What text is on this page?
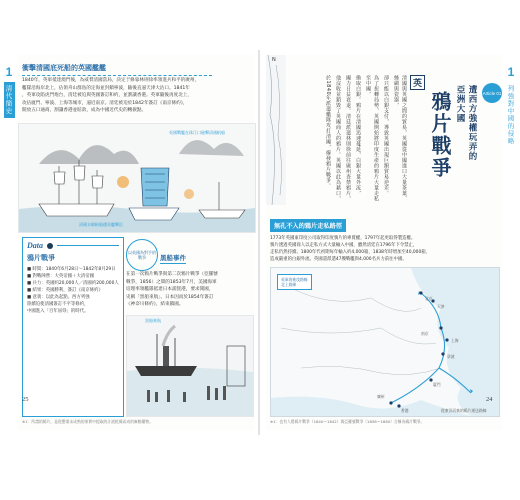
1
清代簡史
衝擊清國底死船的英國艦艦
1840年，英軍抵達澳門後，為威脅清國當局，決定于修靠林則徐率領進兵和平的廣州，
艦隊沿海岸北上，佔領舟山群島的定海並封鎖寧波，隨後直逼天津大沽口。1841年
，英軍攻陷虎門炮台，清廷被迫與英國簽訂和約，並割讓香港。英軍隨後再度北上，
攻佔廈門、寧波、上海等城市，逼近南京。清廷被迫於1842年簽訂《南京條約》，
開放五口通商、割讓香港並賠款，成為中國近代史的轉捩點。
英國戰艦在珠江口砲擊清國帆船
清國水師帆船遭英艦擊沉
Data
鴉片戰爭
■ 時間：1840年6月28日～1842年8月29日
■ 對戰陣營：大英帝國＋大清帝國
■ 兵力：英國約20,000人／清國約200,000人
■ 結果：英國勝利，簽訂《南京條約》
■ 意義：以此為起點，西方列強
陸續迫使清國簽訂不平等條約，
中國進入「百年屈辱」的時代。
以英國為對手的戰爭	黑船事件
在第一次鴉片戰爭與第二次鴉片戰爭（亞羅號
戰爭，1856）之間的1853年7月，美國海軍
培理率領艦隊抵達日本浦賀港，要求開國，
史稱「黑船來航」。日本因而於1854年簽訂
《神奈川條約》，結束鎖國。
黑船來航
※1：所謂的鴉片，是從罌粟未成熟的果實中提取的汁液乾燥而成的麻醉藥物。
25
1
列強對中國的侵略
Article 01
遭西方強權玩弄的
亞洲大國
鴉片戰爭
英
清國與英國之間的貿易，英國從中國進口大量茶葉、絲綢與瓷器，
卻只能以白銀支付，導致英國出現巨額貿易逆差。
為了扭轉局勢，英國開始將印度生產的鴉片大量走私至中國，
換取白銀。鴉片在清國迅速蔓延，白銀大量外流，
國力日益衰退。清廷派遣林則徐前往廣州查禁鴉片，
他沒收並銷毀了英國商人的鴉片。英國以此為藉口，
於1840年派遣艦隊攻打清國，爆發鴉片戰爭。
N
無孔不入的鴉片走私路徑
1773年英國東印度公司取得印度鴉片的專賣權，1797年起更取得製造權。
鴉片透過英國商人以走私方式大量輸入中國，雖然清廷在1796年下令禁止，
走私仍然持續。1800年代初期每年輸入約4,000箱，1838年時增加至40,000箱，
造成嚴重的白銀外流。英國還派遣47艘戰艦與4,000名兵力前往中國。
英軍的進攻路線
北上路線
北京
天津
南京
上海
廣州
香港
寧波
廈門
從東洋而來的鴉片運送路線
※1：也有人將鴉片戰爭（1840～1842）與亞羅號戰爭（1856～1860）合稱為鴉片戰爭。
24
